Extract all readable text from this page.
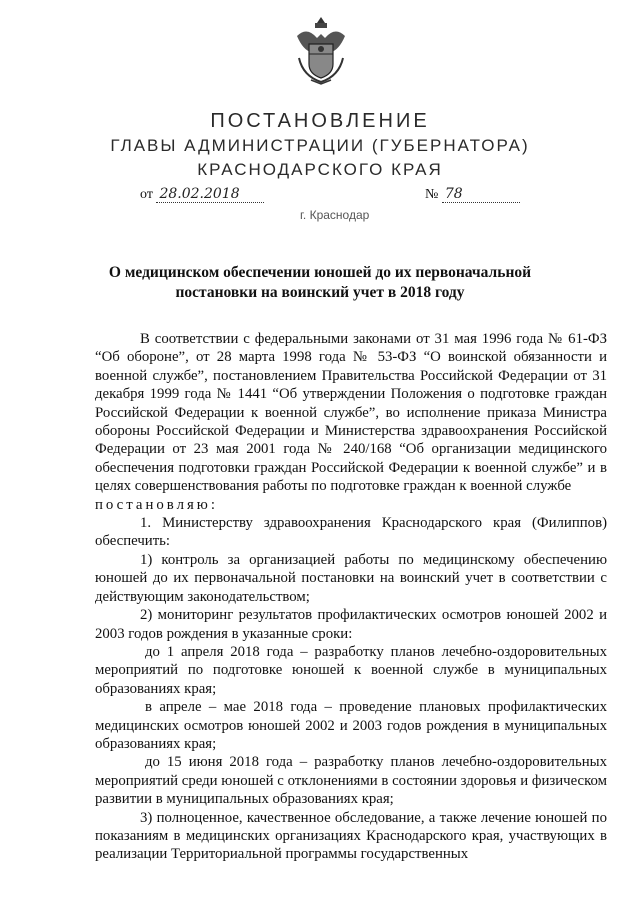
ПОСТАНОВЛЕНИЕ
ГЛАВЫ АДМИНИСТРАЦИИ (ГУБЕРНАТОРА)
КРАСНОДАРСКОГО КРАЯ
от 28.02.2018	№ 78
г. Краснодар
О медицинском обеспечении юношей до их первоначальной
постановки на воинский учет в 2018 году

В соответствии с федеральными законами от 31 мая 1996 года № 61-ФЗ “Об обороне”, от 28 марта 1998 года № 53-ФЗ “О воинской обязанности и военной службе”, постановлением Правительства Российской Федерации от 31 декабря 1999 года № 1441 “Об утверждении Положения о подготовке граждан Российской Федерации к военной службе”, во исполнение приказа Министра обороны Российской Федерации и Министерства здравоохранения Российской Федерации от 23 мая 2001 года № 240/168 “Об организации медицинского обеспечения подготовки граждан Российской Федерации к военной службе” и в целях совершенствования работы по подготовке граждан к военной службе

постановляю:

1. Министерству здравоохранения Краснодарского края (Филиппов) обеспечить:

1) контроль за организацией работы по медицинскому обеспечению юношей до их первоначальной постановки на воинский учет в соответствии с действующим законодательством;

2) мониторинг результатов профилактических осмотров юношей 2002 и 2003 годов рождения в указанные сроки:

до 1 апреля 2018 года – разработку планов лечебно-оздоровительных мероприятий по подготовке юношей к военной службе в муниципальных образованиях края;

в апреле – мае 2018 года – проведение плановых профилактических медицинских осмотров юношей 2002 и 2003 годов рождения в муниципальных образованиях края;

до 15 июня 2018 года – разработку планов лечебно-оздоровительных мероприятий среди юношей с отклонениями в состоянии здоровья и физическом развитии в муниципальных образованиях края;

3) полноценное, качественное обследование, а также лечение юношей по показаниям в медицинских организациях Краснодарского края, участвующих в реализации Территориальной программы государственных
